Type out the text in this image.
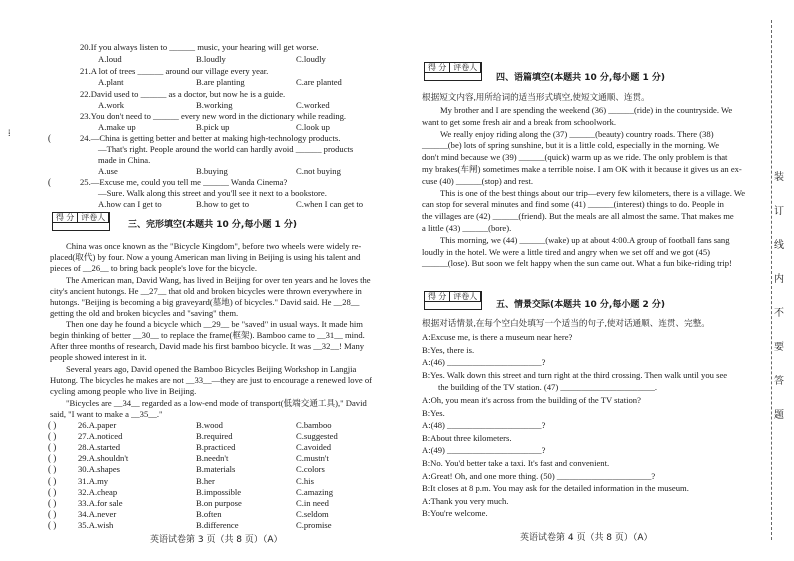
⁞
20.If you always listen to ______ music, your hearing will get worse.
A.loud	B.loudly	C.loudly
21.A lot of trees ______ around our village every year.
A.plant	B.are planting	C.are planted
22.David used to ______ as a doctor, but now he is a guide.
A.work	B.working	C.worked
23.You don't need to ______ every new word in the dictionary while reading.
A.make up	B.pick up	C.look up
(	24.—China is getting better and better at making high-technology products.
—That's right. People around the world can hardly avoid ______ products
made in China.
A.use	B.buying	C.not buying
(	25.—Excuse me, could you tell me ______ Wanda Cinema?
—Sure. Walk along this street and you'll see it next to a bookstore.
A.how can I get to	B.how to get to	C.when I can get to
得 分 评卷人
三、完形填空(本题共 10 分,每小题 1 分)
China was once known as the "Bicycle Kingdom", before two wheels were widely re-
placed(取代) by four. Now a young American man living in Beijing is using his talent and
pieces of __26__ to bring back people's love for the bicycle.
The American man, David Wang, has lived in Beijing for over ten years and he loves the
city's ancient hutongs. He __27__ that old and broken bicycles were thrown everywhere in
hutongs. "Beijing is becoming a big graveyard(墓地) of bicycles." David said. He __28__
getting the old and broken bicycles and "saving" them.
Then one day he found a bicycle which __29__ be "saved" in usual ways. It made him
begin thinking of better __30__ to replace the frame(框架). Bamboo came to __31__ mind.
After three months of research, David made his first bamboo bicycle. It was __32__! Many
people showed interest in it.
Several years ago, David opened the Bamboo Bicycles Beijing Workshop in Langjia
Hutong. The bicycles he makes are not __33__—they are just to encourage a renewed love of
cycling among people who live in Beijing.
"Bicycles are __34__ regarded as a low-end mode of transport(低端交通工具)," David
said, "I want to make a __35__."
英语试卷第 3 页（共 8 页）（A）
( )	26.A.paper	B.wood	C.bamboo
( )	27.A.noticed	B.required	C.suggested
( )	28.A.started	B.practiced	C.avoided
( )	29.A.shouldn't	B.needn't	C.mustn't
( )	30.A.shapes	B.materials	C.colors
( )	31.A.my	B.her	C.his
( )	32.A.cheap	B.impossible	C.amazing
( )	33.A.for sale	B.on purpose	C.in need
( )	34.A.never	B.often	C.seldom
( )	35.A.wish	B.difference	C.promise
得 分 评卷人
四、语篇填空(本题共 10 分,每小题 1 分)
根据短文内容,用所给词的适当形式填空,使短文通顺、连贯。
My brother and I are spending the weekend (36) ______(ride) in the countryside. We
want to get some fresh air and a break from schoolwork.
We really enjoy riding along the (37) ______(beauty) country roads. There (38)
______(be) lots of spring sunshine, but it is a little cold, especially in the morning. We
don't mind because we (39) ______(quick) warm up as we ride. The only problem is that
my brakes(车闸) sometimes make a terrible noise. I am OK with it because it gives us an ex-
cuse (40) ______(stop) and rest.
This is one of the best things about our trip—every few kilometers, there is a village. We
can stop for several minutes and find some (41) ______(interest) things to do. People in
the villages are (42) ______(friend). But the meals are all almost the same. That makes me
a little (43) ______(bore).
This morning, we (44) ______(wake) up at about 4:00.A group of football fans sang
loudly in the hotel. We were a little tired and angry when we set off and we got (45)
______(lose). But soon we felt happy when the sun came out. What a fun bike-riding trip!
得 分 评卷人
五、情景交际(本题共 10 分,每小题 2 分)
根据对话情景,在每个空白处填写一个适当的句子,使对话通顺、连贯、完整。
A:Excuse me, is there a museum near here?
B:Yes, there is.
A:(46) ______________________?
B:Yes. Walk down this street and turn right at the third crossing. Then walk until you see
the building of the TV station. (47) ______________________.
A:Oh, you mean it's across from the building of the TV station?
B:Yes.
A:(48) ______________________?
B:About three kilometers.
A:(49) ______________________?
B:No. You'd better take a taxi. It's fast and convenient.
A:Great! Oh, and one more thing. (50) ______________________?
B:It closes at 8 p.m. You may ask for the detailed information in the museum.
A:Thank you very much.
B:You're welcome.
英语试卷第 4 页（共 8 页）（A）
装
订
线
内
不
要
答
题
